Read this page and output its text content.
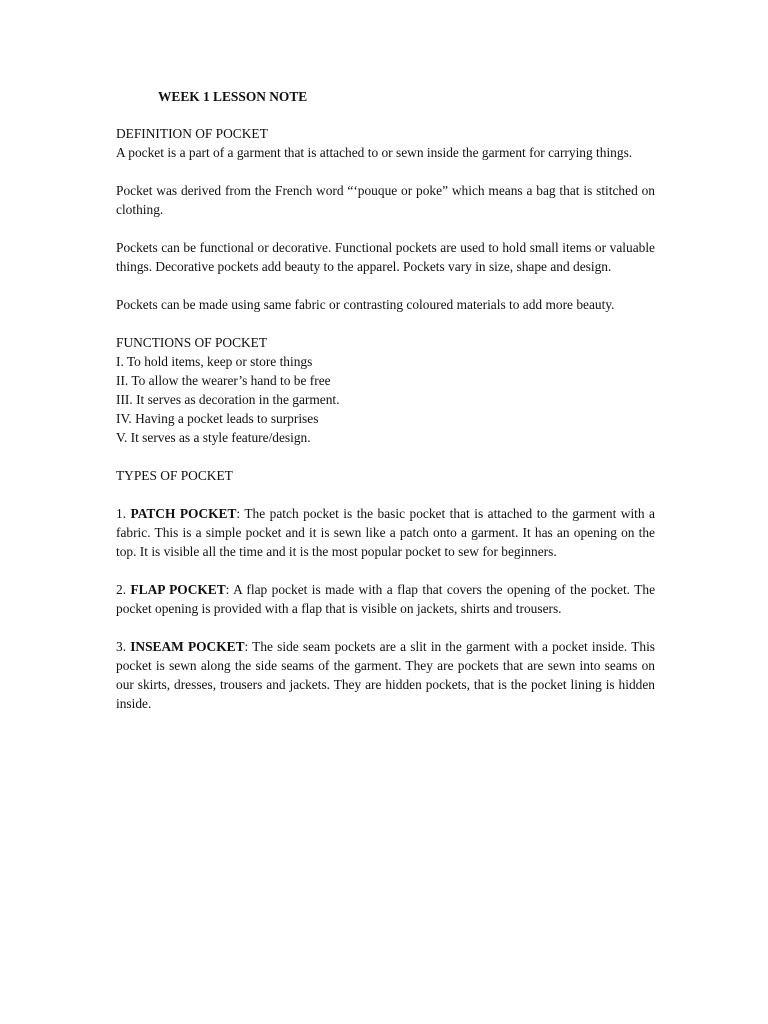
WEEK 1 LESSON NOTE
DEFINITION OF POCKET

A pocket is a part of a garment that is attached to or sewn inside the garment for carrying things.

Pocket was derived from the French word “‘pouque or poke” which means a bag that is stitched on clothing.

Pockets can be functional or decorative. Functional pockets are used to hold small items or valuable things. Decorative pockets add beauty to the apparel. Pockets vary in size, shape and design.

Pockets can be made using same fabric or contrasting coloured materials to add more beauty.

FUNCTIONS OF POCKET
I. To hold items, keep or store things
II. To allow the wearer’s hand to be free
III. It serves as decoration in the garment.
IV. Having a pocket leads to surprises
V. It serves as a style feature/design.

TYPES OF POCKET

1. PATCH POCKET: The patch pocket is the basic pocket that is attached to the garment with a fabric. This is a simple pocket and it is sewn like a patch onto a garment. It has an opening on the top. It is visible all the time and it is the most popular pocket to sew for beginners.

2. FLAP POCKET: A flap pocket is made with a flap that covers the opening of the pocket. The pocket opening is provided with a flap that is visible on jackets, shirts and trousers.

3. INSEAM POCKET: The side seam pockets are a slit in the garment with a pocket inside. This pocket is sewn along the side seams of the garment. They are pockets that are sewn into seams on our skirts, dresses, trousers and jackets. They are hidden pockets, that is the pocket lining is hidden inside.
